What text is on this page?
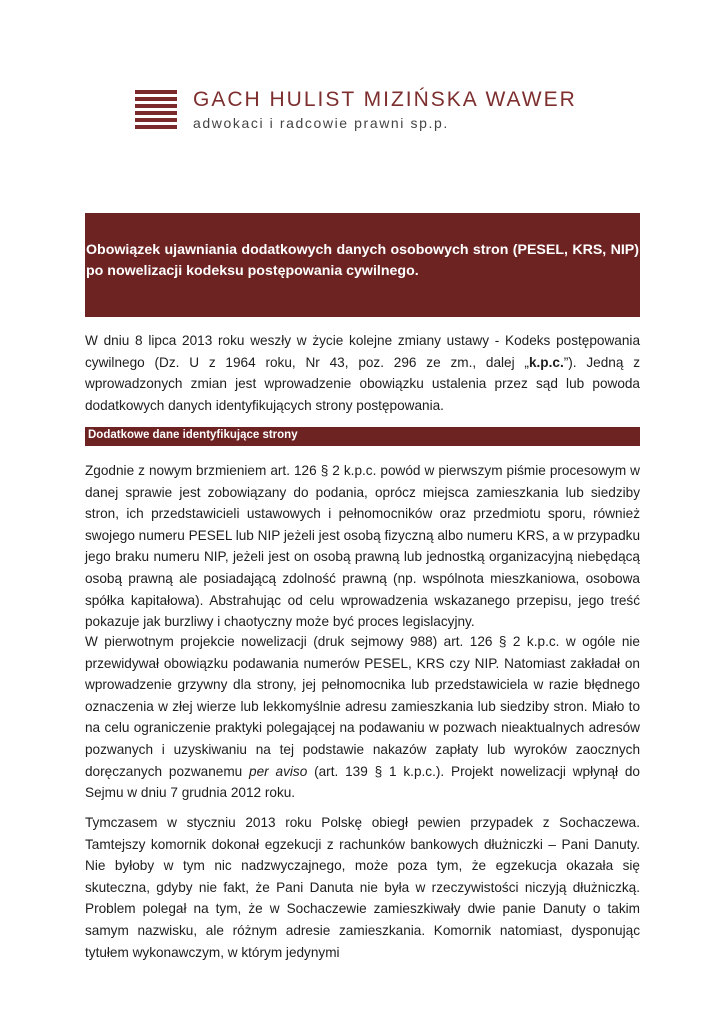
GACH HULIST MIZIŃSKA WAWER
adwokaci i radcowie prawni sp.p.
Obowiązek ujawniania dodatkowych danych osobowych stron (PESEL, KRS, NIP) po nowelizacji kodeksu postępowania cywilnego.

W dniu 8 lipca 2013 roku weszły w życie kolejne zmiany ustawy - Kodeks postępowania cywilnego (Dz. U z 1964 roku, Nr 43, poz. 296 ze zm., dalej „k.p.c.”). Jedną z wprowadzonych zmian jest wprowadzenie obowiązku ustalenia przez sąd lub powoda dodatkowych danych identyfikujących strony postępowania.

Dodatkowe dane identyfikujące strony

Zgodnie z nowym brzmieniem art. 126 § 2 k.p.c. powód w pierwszym piśmie procesowym w danej sprawie jest zobowiązany do podania, oprócz miejsca zamieszkania lub siedziby stron, ich przedstawicieli ustawowych i pełnomocników oraz przedmiotu sporu, również swojego numeru PESEL lub NIP jeżeli jest osobą fizyczną albo numeru KRS, a w przypadku jego braku numeru NIP, jeżeli jest on osobą prawną lub jednostką organizacyjną niebędącą osobą prawną ale posiadającą zdolność prawną (np. wspólnota mieszkaniowa, osobowa spółka kapitałowa). Abstrahując od celu wprowadzenia wskazanego przepisu, jego treść pokazuje jak burzliwy i chaotyczny może być proces legislacyjny.

W pierwotnym projekcie nowelizacji (druk sejmowy 988) art. 126 § 2 k.p.c. w ogóle nie przewidywał obowiązku podawania numerów PESEL, KRS czy NIP. Natomiast zakładał on wprowadzenie grzywny dla strony, jej pełnomocnika lub przedstawiciela w razie błędnego oznaczenia w złej wierze lub lekkomyślnie adresu zamieszkania lub siedziby stron. Miało to na celu ograniczenie praktyki polegającej na podawaniu w pozwach nieaktualnych adresów pozwanych i uzyskiwaniu na tej podstawie nakazów zapłaty lub wyroków zaocznych doręczanych pozwanemu per aviso (art. 139 § 1 k.p.c.). Projekt nowelizacji wpłynął do Sejmu w dniu 7 grudnia 2012 roku.

Tymczasem w styczniu 2013 roku Polskę obiegł pewien przypadek z Sochaczewa. Tamtejszy komornik dokonał egzekucji z rachunków bankowych dłużniczki – Pani Danuty. Nie byłoby w tym nic nadzwyczajnego, może poza tym, że egzekucja okazała się skuteczna, gdyby nie fakt, że Pani Danuta nie była w rzeczywistości niczyją dłużniczką. Problem polegał na tym, że w Sochaczewie zamieszkiwały dwie panie Danuty o takim samym nazwisku, ale różnym adresie zamieszkania. Komornik natomiast, dysponując tytułem wykonawczym, w którym jedynymi
